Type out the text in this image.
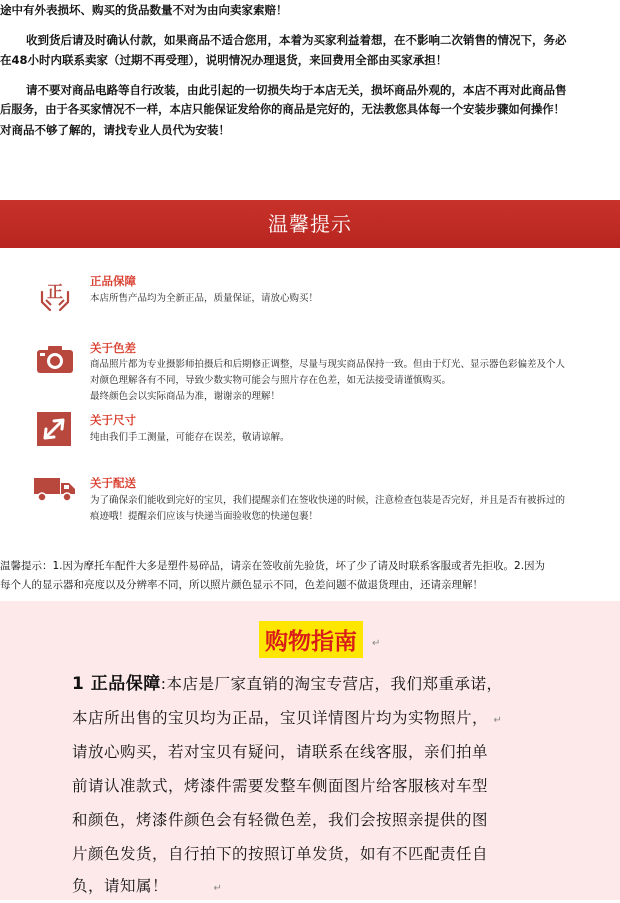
途中有外表损坏、购买的货品数量不对为由向卖家索赔！
收到货后请及时确认付款，如果商品不适合您用，本着为买家利益着想，在不影响二次销售的情况下，务必
在48小时内联系卖家（过期不再受理），说明情况办理退货，来回费用全部由买家承担！
请不要对商品电路等自行改装，由此引起的一切损失均于本店无关，损坏商品外观的，本店不再对此商品售
后服务，由于各买家情况不一样，本店只能保证发给你的商品是完好的，无法教您具体每一个安装步骤如何操作！
对商品不够了解的，请找专业人员代为安装！
温馨提示
正
正品保障
本店所售产品均为全新正品，质量保证，请放心购买！
关于色差
商品照片都为专业摄影师拍摄后和后期修正调整，尽量与现实商品保持一致。但由于灯光、显示器色彩偏差及个人
对颜色理解各有不同，导致少数实物可能会与照片存在色差，如无法接受请谨慎购买。
最终颜色会以实际商品为准，谢谢亲的理解！
关于尺寸
纯由我们手工测量，可能存在误差，敬请谅解。
关于配送
为了确保亲们能收到完好的宝贝，我们提醒亲们在签收快递的时候，注意检查包装是否完好，并且是否有被拆过的
痕迹哦！提醒亲们应该与快递当面验收您的快递包裹！
温馨提示：1.因为摩托车配件大多是塑件易碎品，请亲在签收前先验货，坏了少了请及时联系客服或者先拒收。2.因为
每个人的显示器和亮度以及分辨率不同，所以照片颜色显示不同，色差问题不做退货理由，还请亲理解！
购物指南	↵
1 正品保障:本店是厂家直销的淘宝专营店，我们郑重承诺，
本店所出售的宝贝均为正品，宝贝详情图片均为实物照片， ↵
请放心购买，若对宝贝有疑问，请联系在线客服，亲们拍单
前请认准款式，烤漆件需要发整车侧面图片给客服核对车型
和颜色，烤漆件颜色会有轻微色差，我们会按照亲提供的图
片颜色发货，自行拍下的按照订单发货，如有不匹配责任自
负，请知属！	↵
